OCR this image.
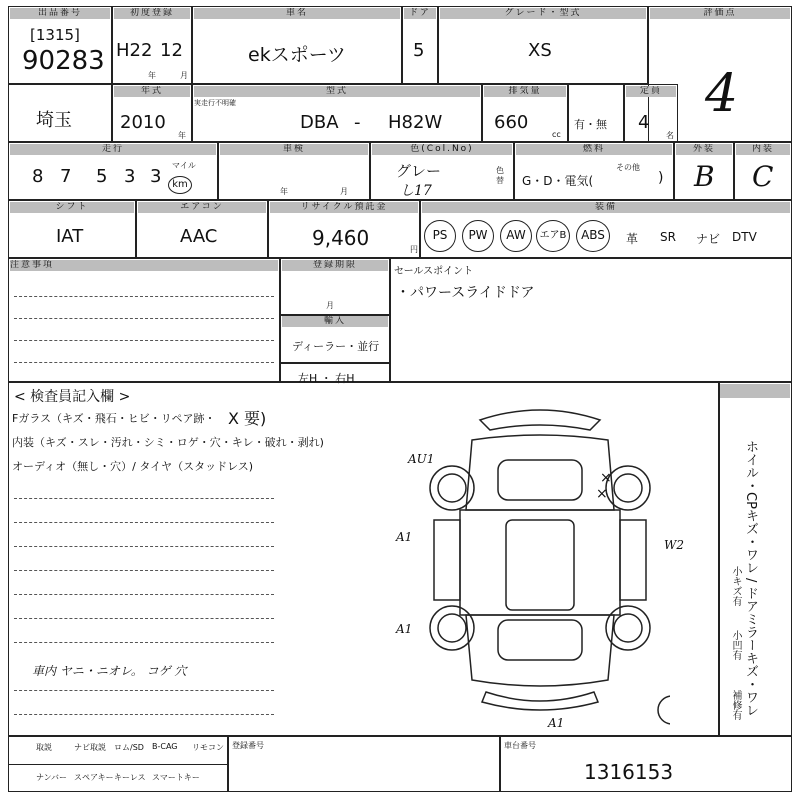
出品番号
[1315]
90283
初度登録
H22 12
年	月
車名
ekスポーツ
ドア
5
グレード・型式
XS
評価点
4
埼玉
年式
2010
年
型式
実走行不明確
DBA - H82W
排気量
660
cc
有・無
定員
4
名
走行
8 7 5 3 3
マイル
km
車検
年	月
色(Col.No)
グレー
し17
色替
燃料
その他
G・D・電気(	)
外装
B
内装
C
シフト
IAT
エアコン
AAC
リサイクル預託金
9,460	円
装備
PS	PW	AW	エアB	ABS	革 SR ナビ DTV
注意事項	登録期限
月
輸入
ディーラー・並行
左H ・ 右H
セールスポイント
・パワースライドドア
< 検査員記入欄 >
Fガラス（キズ・飛石・ヒビ・リペア跡・ X 要)
内装（キズ・スレ・汚れ・シミ・ロゲ・穴・キレ・破れ・剥れ)
オーディオ（無し・穴）/ タイヤ（スタッドレス)
車内 ヤニ・ニオレ。 コゲ 穴
AU1
A1
A1
W2
A1
×
×	ホイル・CPキズ・ワレ / ドアミラーキズ・ワレ
小キズ有
小凹有
補修有
取説	ナビ取説 ロム/SD B-CAG リモコン
ナンバー スペアキー キーレス スマートキー
登録番号	車台番号
1316153
